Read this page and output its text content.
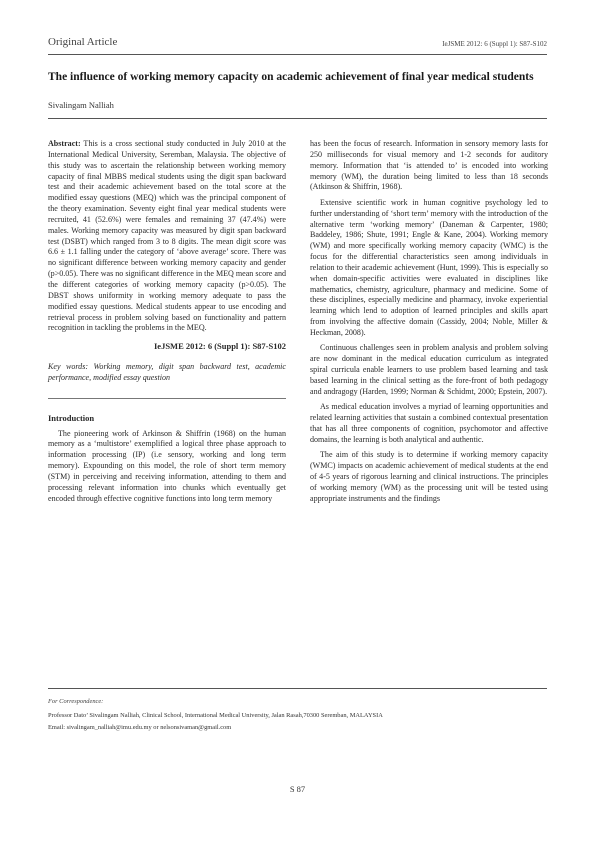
Original Article	IeJSME 2012: 6 (Suppl 1): S87-S102
The influence of working memory capacity on academic achievement of final year medical students
Sivalingam Nalliah

Abstract: This is a cross sectional study conducted in July 2010 at the International Medical University, Seremban, Malaysia. The objective of this study was to ascertain the relationship between working memory capacity of final MBBS medical students using the digit span backward test and their academic achievement based on the total score at the modified essay questions (MEQ) which was the principal component of the theory examination. Seventy eight final year medical students were recruited, 41 (52.6%) were females and remaining 37 (47.4%) were males. Working memory capacity was measured by digit span backward test (DSBT) which ranged from 3 to 8 digits. The mean digit score was 6.6 ± 1.1 falling under the category of ‘above average’ score. There was no significant difference between working memory capacity and gender (p>0.05). There was no significant difference in the MEQ mean score and the different categories of working memory capacity (p>0.05). The DBST shows uniformity in working memory adequate to pass the modified essay questions. Medical students appear to use encoding and retrieval process in problem solving based on functionality and pattern recognition in tackling the problems in the MEQ.

IeJSME 2012: 6 (Suppl 1): S87-S102

Key words: Working memory, digit span backward test, academic performance, modified essay question

Introduction

The pioneering work of Arkinson & Shiffrin (1968) on the human memory as a ‘multistore’ exemplified a logical three phase approach to information processing (IP) (i.e sensory, working and long term memory). Expounding on this model, the role of short term memory (STM) in perceiving and receiving information, attending to them and processing relevant information into chunks which eventually get encoded through effective cognitive functions into long term memory

has been the focus of research. Information in sensory memory lasts for 250 milliseconds for visual memory and 1-2 seconds for auditory memory. Information that ‘is attended to’ is encoded into working memory (WM), the duration being limited to less than 18 seconds (Atkinson & Shiffrin, 1968).

Extensive scientific work in human cognitive psychology led to further understanding of ‘short term’ memory with the introduction of the alternative term ‘working memory’ (Daneman & Carpenter, 1980; Baddeley, 1986; Shute, 1991; Engle & Kane, 2004). Working memory (WM) and more specifically working memory capacity (WMC) is the focus for the differential characteristics seen among individuals in relation to their academic achievement (Hunt, 1999). This is especially so when domain-specific activities were evaluated in disciplines like mathematics, chemistry, agriculture, pharmacy and medicine. Some of these disciplines, especially medicine and pharmacy, invoke experiential learning which lend to adoption of learned principles and skills apart from involving the affective domain (Cassidy, 2004; Noble, Miller & Heckman, 2008).

Continuous challenges seen in problem analysis and problem solving are now dominant in the medical education curriculum as integrated spiral curricula enable learners to use problem based learning and task based learning in the clinical setting as the fore-front of both pedagogy and andragogy (Harden, 1999; Norman & Schidmt, 2000; Epstein, 2007).

As medical education involves a myriad of learning opportunities and related learning activities that sustain a combined contextual presentation that has all three components of cognition, psychomotor and affective domains, the learning is both analytical and authentic.

The aim of this study is to determine if working memory capacity (WMC) impacts on academic achievement of medical students at the end of 4-5 years of rigorous learning and clinical instructions. The principles of working memory (WM) as the processing unit will be tested using appropriate instruments and the findings

For Correspondence:
Professor Dato’ Sivalingam Nalliah, Clinical School, International Medical University, Jalan Rasah,70300 Seremban, MALAYSIA
Email: sivalingam_nalliah@imu.edu.my or nelsonsivaman@gmail.com
S 87
